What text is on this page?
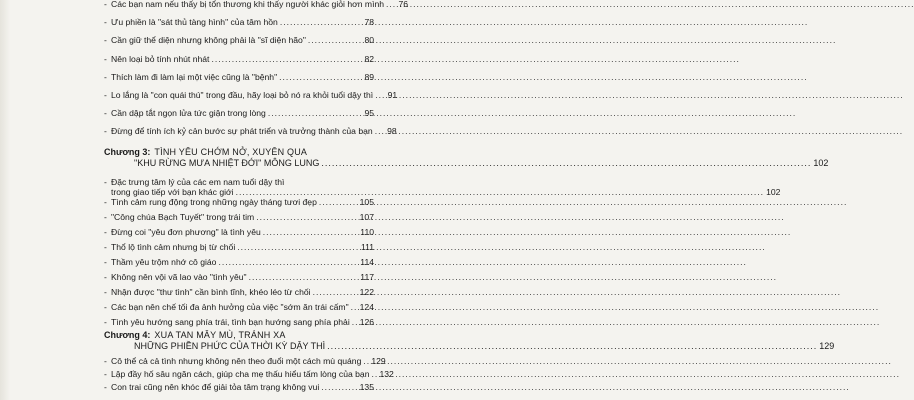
- Các bạn nam nếu thấy bị tổn thương khi thấy người khác giỏi hơn mình .....	76
- Ưu phiền là "sát thủ tàng hình" của tâm hồn .....	78
- Cần giữ thể diện nhưng không phải là "sĩ diện hão" .....	80
- Nên loại bỏ tính nhút nhát .....	82
- Thích làm đi làm lại một việc cũng là "bệnh" .....	89
- Lo lắng là "con quái thú" trong đầu, hãy loại bỏ nó ra khỏi tuổi dậy thì .....	91
- Cần dập tắt ngọn lửa tức giận trong lòng .....	95
- Đừng để tính ích kỷ cản bước sự phát triển và trưởng thành của bạn .....	98
Chương 3: TÌNH YÊU CHỚM NỞ, XUYÊN QUA
"KHU RỪNG MƯA NHIỆT ĐỚI" MÔNG LUNG .....	102
- Đặc trưng tâm lý của các em nam tuổi dậy thì
trong giao tiếp với bạn khác giới .....	102
- Tình cảm rung động trong những ngày tháng tươi đẹp .....	105
- "Công chúa Bạch Tuyết" trong trái tim .....	107
- Đừng coi "yêu đơn phương" là tình yêu .....	110
- Thổ lộ tình cảm nhưng bị từ chối .....	111
- Thầm yêu trộm nhớ cô giáo .....	114
- Không nên vội vã lao vào "tình yêu" .....	117
- Nhận được "thư tình" cần bình tĩnh, khéo léo từ chối .....	122
- Các bạn nên chế tối đa ảnh hưởng của việc "sớm ăn trái cấm" ..... 124
- Tình yêu hướng sang phía trái, tình bạn hướng sang phía phải ..... 126
Chương 4: XUA TAN MÂY MÙ, TRÁNH XA
NHỮNG PHIỀN PHỨC CỦA THỜI KỲ DẬY THÌ .....	129
- Cô thể cả cả tình nhưng không nên theo đuổi một cách mù quáng ..... 129
- Lập đầy hố sâu ngăn cách, giúp cha mẹ thấu hiểu tấm lòng của bạn ..... 132
- Con trai cũng nên khóc để giải tỏa tâm trạng không vui .....	135
